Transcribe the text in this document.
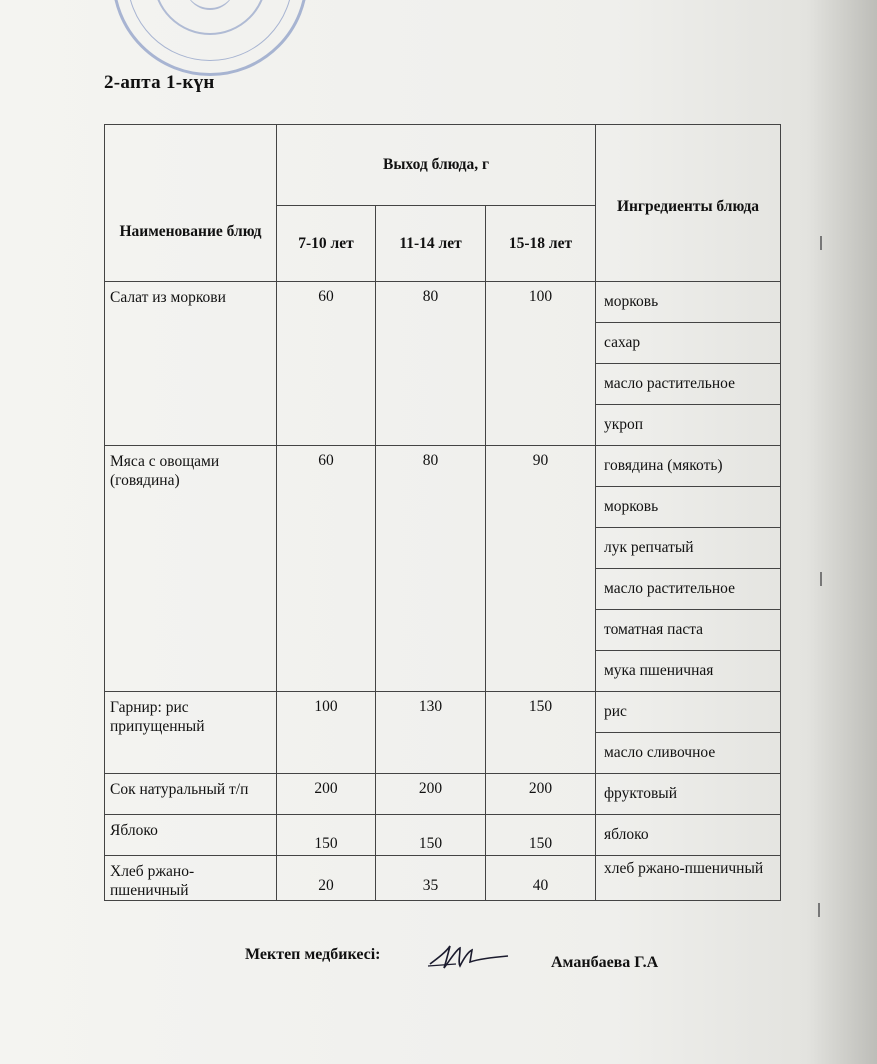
2-апта 1-күн
Наименование блюд	Выход блюда, г			Ингредиенты блюда
	7-10 лет	11-14 лет	15-18 лет	
Салат из моркови	60	80	100	морковь
				сахар
				масло растительное
				укроп
Мяса с овощами (говядина)	60	80	90	говядина (мякоть)
				морковь
				лук репчатый
				масло растительное
				томатная паста
				мука пшеничная
Гарнир: рис припущенный	100	130	150	рис
				масло сливочное
Сок натуральный т/п	200	200	200	фруктовый
Яблоко	150	150	150	яблоко
Хлеб ржано-пшеничный	20	35	40	хлеб ржано-пшеничный
Мектеп медбикесі:	Аманбаева Г.А
